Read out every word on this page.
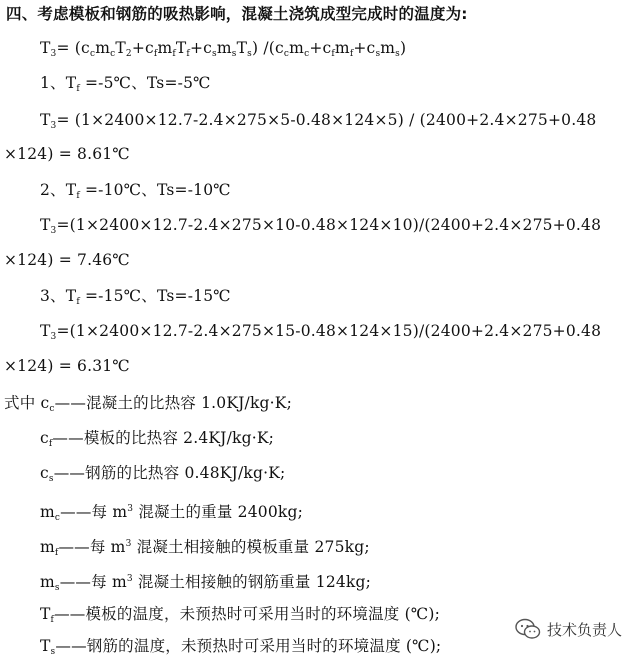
四、考虑模板和钢筋的吸热影响，混凝土浇筑成型完成时的温度为:
$T_3= (c_cm_cT_2+c_fm_fT_f+c_sm_sT_s)$ $/(c_cm_c+c_fm_f+c_sm_s)$
1、$T_f$ =-5℃、Ts=-5℃
$T_3= (1\times 2400\times 12.7-2.4\times 275\times 5-0.48\times 124\times 5) / (2400+2.4\times 275+0.48$
×124) = 8.61℃
2、$T_f$ =-10℃、Ts=-10℃
$T_3=(1\times 2400\times 12.7-2.4\times 275\times 10-0.48\times 124\times 10)/(2400+2.4\times 275+0.48$
×124) = 7.46℃
3、$T_f$ =-15℃、Ts=-15℃
$T_3=(1\times 2400\times 12.7-2.4\times 275\times 15-0.48\times 124\times 15)/(2400+2.4\times 275+0.48$
×124) = 6.31℃
式中 $c_c——$混凝土的比热容 1.0KJ/kg·K;
$c_f——$模板的比热容 2.4KJ/kg·K;
$c_s——$钢筋的比热容 0.48KJ/kg·K;
$m_c——$每 $m^3$ 混凝土的重量 2400kg;
$m_f——$每 $m^3$ 混凝土相接触的模板重量 275kg;
$m_s——$每 $m^3$ 混凝土相接触的钢筋重量 124kg;
$T_f——$模板的温度，未预热时可采用当时的环境温度 (℃);
$T_s——$钢筋的温度，未预热时可采用当时的环境温度 (℃);
技术负责人
